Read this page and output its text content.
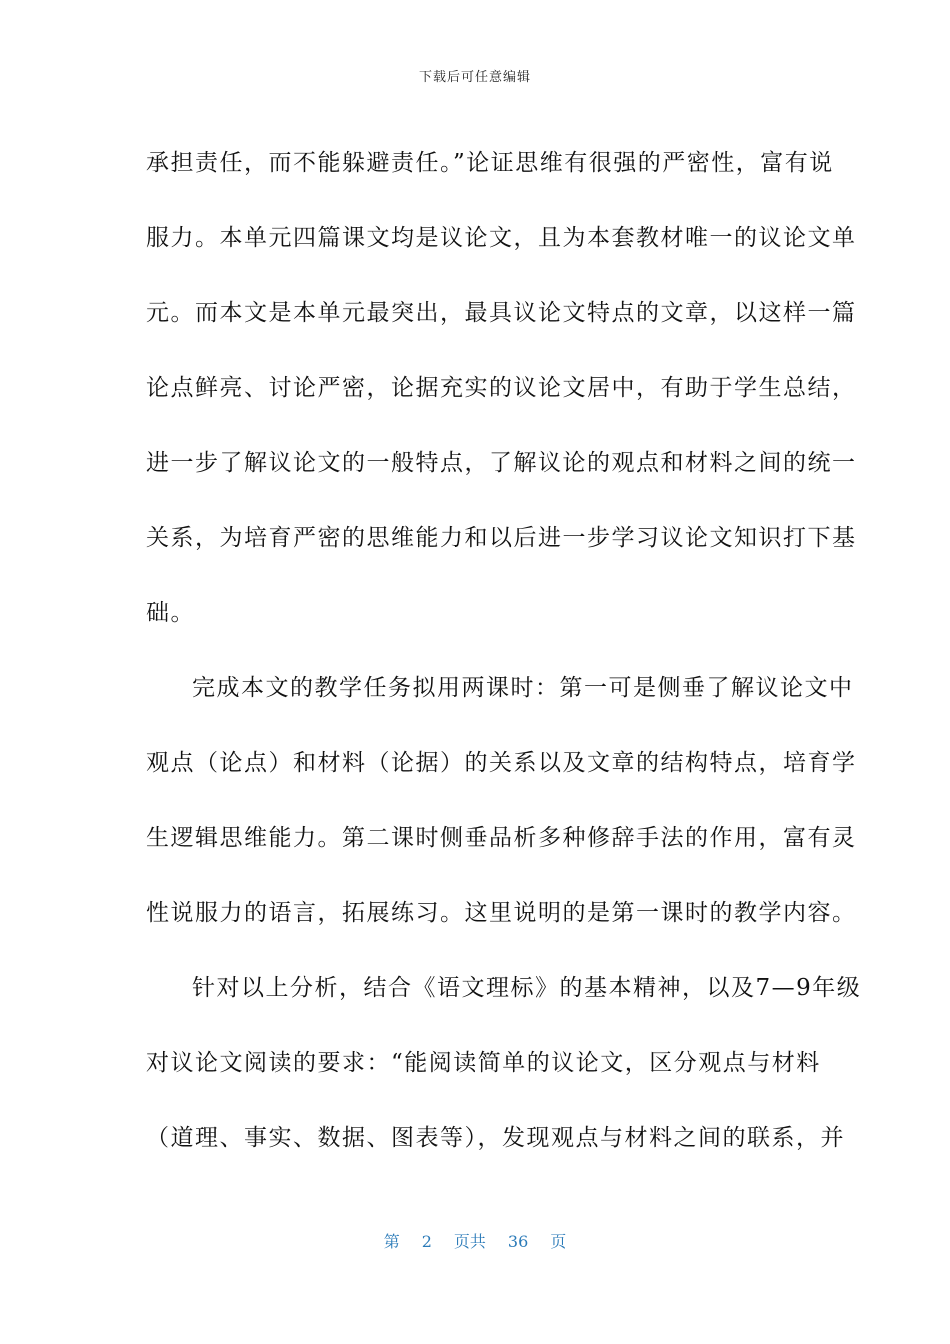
下载后可任意编辑
承担责任，而不能躲避责任。”论证思维有很强的严密性，富有说
服力。本单元四篇课文均是议论文，且为本套教材唯一的议论文单
元。而本文是本单元最突出，最具议论文特点的文章，以这样一篇
论点鲜亮、讨论严密，论据充实的议论文居中，有助于学生总结，
进一步了解议论文的一般特点，了解议论的观点和材料之间的统一
关系，为培育严密的思维能力和以后进一步学习议论文知识打下基
础。
完成本文的教学任务拟用两课时：第一可是侧垂了解议论文中
观点（论点）和材料（论据）的关系以及文章的结构特点，培育学
生逻辑思维能力。第二课时侧垂品析多种修辞手法的作用，富有灵
性说服力的语言，拓展练习。这里说明的是第一课时的教学内容。
针对以上分析，结合《语文理标》的基本精神，以及7—9年级
对议论文阅读的要求：“能阅读简单的议论文，区分观点与材料
（道理、事实、数据、图表等），发现观点与材料之间的联系，并
第 2 页共 36 页
